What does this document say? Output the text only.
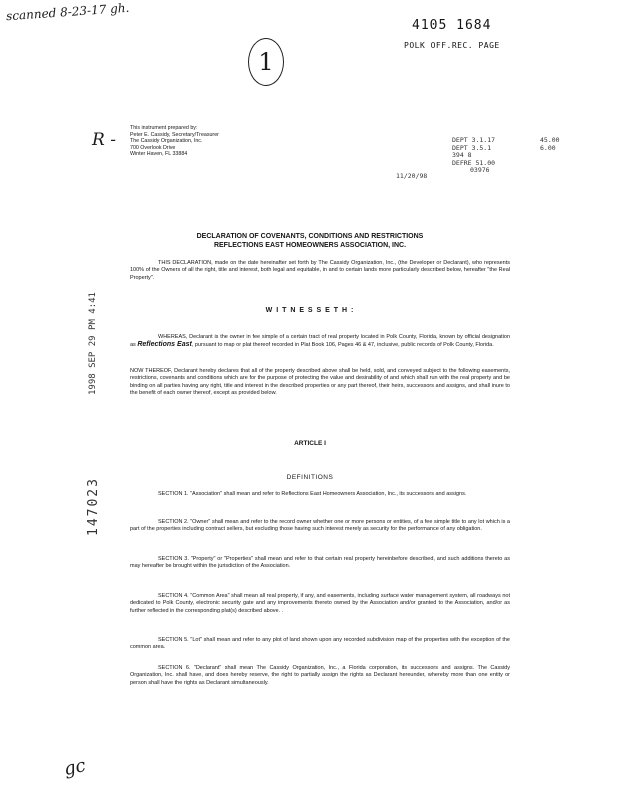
scanned 8-23-17 gh.
1
R -
gc
4105 1684
POLK OFF.REC. PAGE
DEPT 3.1.17
DEPT 3.5.1
394 8
DEFRE 51.00
03976
45.00
6.00
11/20/98
This instrument prepared by:
Peter E. Cassidy, Secretary/Treasurer
The Cassidy Organization, Inc.
700 Overlook Drive
Winter Haven, FL 33884
1998 SEP 29 PM 4:41
147023
DECLARATION OF COVENANTS, CONDITIONS AND RESTRICTIONS
REFLECTIONS EAST HOMEOWNERS ASSOCIATION, INC.

THIS DECLARATION, made on the date hereinafter set forth by The Cassidy Organization, Inc., (the Developer or Declarant), who represents 100% of the Owners of all the right, title and interest, both legal and equitable, in and to certain lands more particularly described below, hereafter "the Real Property".

W I T N E S S E T H :

WHEREAS, Declarant is the owner in fee simple of a certain tract of real property located in Polk County, Florida, known by official designation as Reflections East, pursuant to map or plat thereof recorded in Plat Book 106, Pages 46 & 47, inclusive, public records of Polk County, Florida.

NOW THEREOF, Declarant hereby declares that all of the property described above shall be held, sold, and conveyed subject to the following easements, restrictions, covenants and conditions which are for the purpose of protecting the value and desirability of and which shall run with the real property and be binding on all parties having any right, title and interest in the described properties or any part thereof, their heirs, successors and assigns, and shall inure to the benefit of each owner thereof, except as provided below.

ARTICLE I
DEFINITIONS

SECTION 1. "Association" shall mean and refer to Reflections East Homeowners Association, Inc., its successors and assigns.

SECTION 2. "Owner" shall mean and refer to the record owner whether one or more persons or entities, of a fee simple title to any lot which is a part of the properties including contract sellers, but excluding those having such interest merely as security for the performance of any obligation.

SECTION 3. "Property" or "Properties" shall mean and refer to that certain real property hereinbefore described, and such additions thereto as may hereafter be brought within the jurisdiction of the Association.

SECTION 4. "Common Area" shall mean all real property, if any, and easements, including surface water management system, all roadways not dedicated to Polk County, electronic security gate and any improvements thereto owned by the Association and/or granted to the Association, and/or as further reflected in the corresponding plat(s) described above. .

SECTION 5. "Lot" shall mean and refer to any plot of land shown upon any recorded subdivision map of the properties with the exception of the common area.

SECTION 6. "Declarant" shall mean The Cassidy Organization, Inc., a Florida corporation, its successors and assigns. The Cassidy Organization, Inc. shall have, and does hereby reserve, the right to partially assign the rights as Declarant hereunder, whereby more than one entity or person shall have the rights as Declarant simultaneously.
